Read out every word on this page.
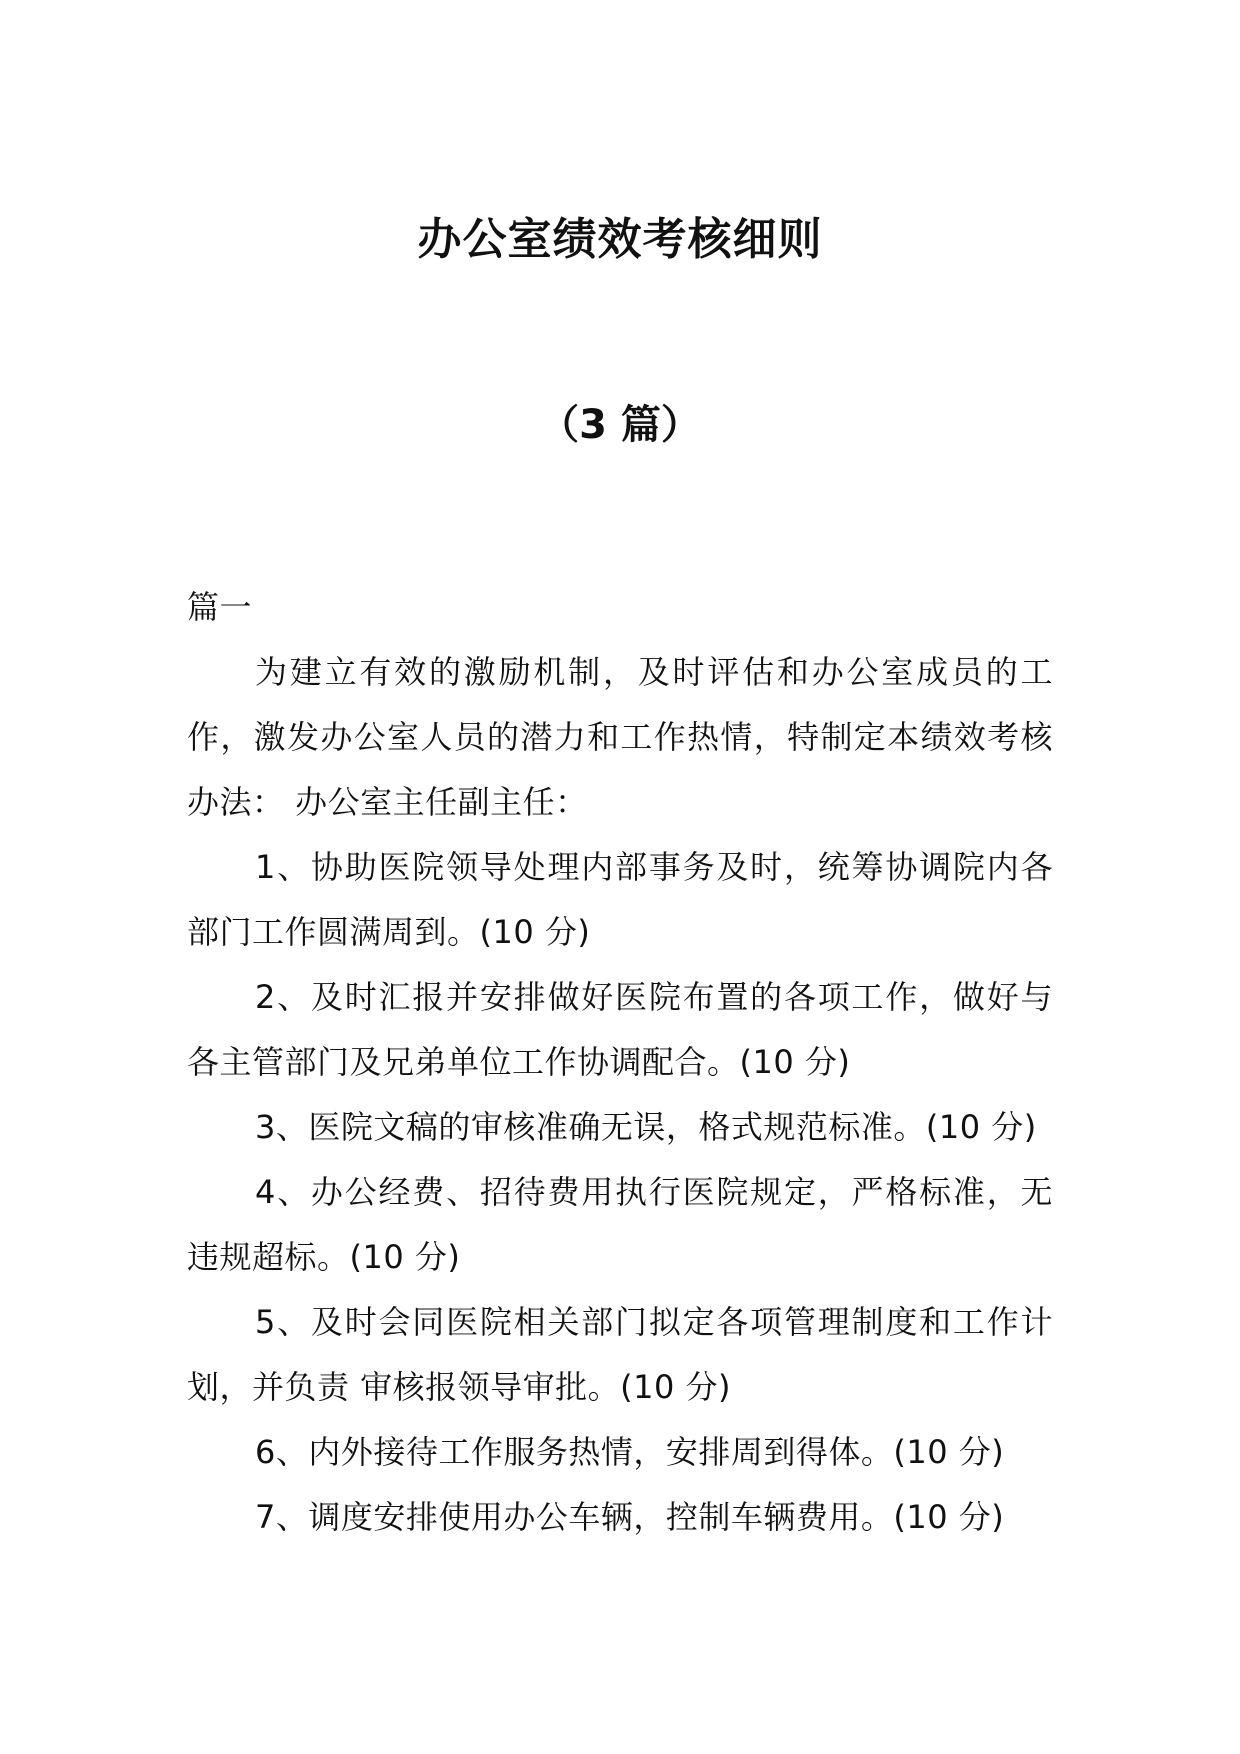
办公室绩效考核细则
（3 篇）

篇一

为建立有效的激励机制，及时评估和办公室成员的工作，激发办公室人员的潜力和工作热情，特制定本绩效考核办法： 办公室主任副主任：

1、协助医院领导处理内部事务及时，统筹协调院内各部门工作圆满周到。(10 分)

2、及时汇报并安排做好医院布置的各项工作，做好与各主管部门及兄弟单位工作协调配合。(10 分)

3、医院文稿的审核准确无误，格式规范标准。(10 分)

4、办公经费、招待费用执行医院规定，严格标准，无违规超标。(10 分)

5、及时会同医院相关部门拟定各项管理制度和工作计划，并负责 审核报领导审批。(10 分)

6、内外接待工作服务热情，安排周到得体。(10 分)

7、调度安排使用办公车辆，控制车辆费用。(10 分)
